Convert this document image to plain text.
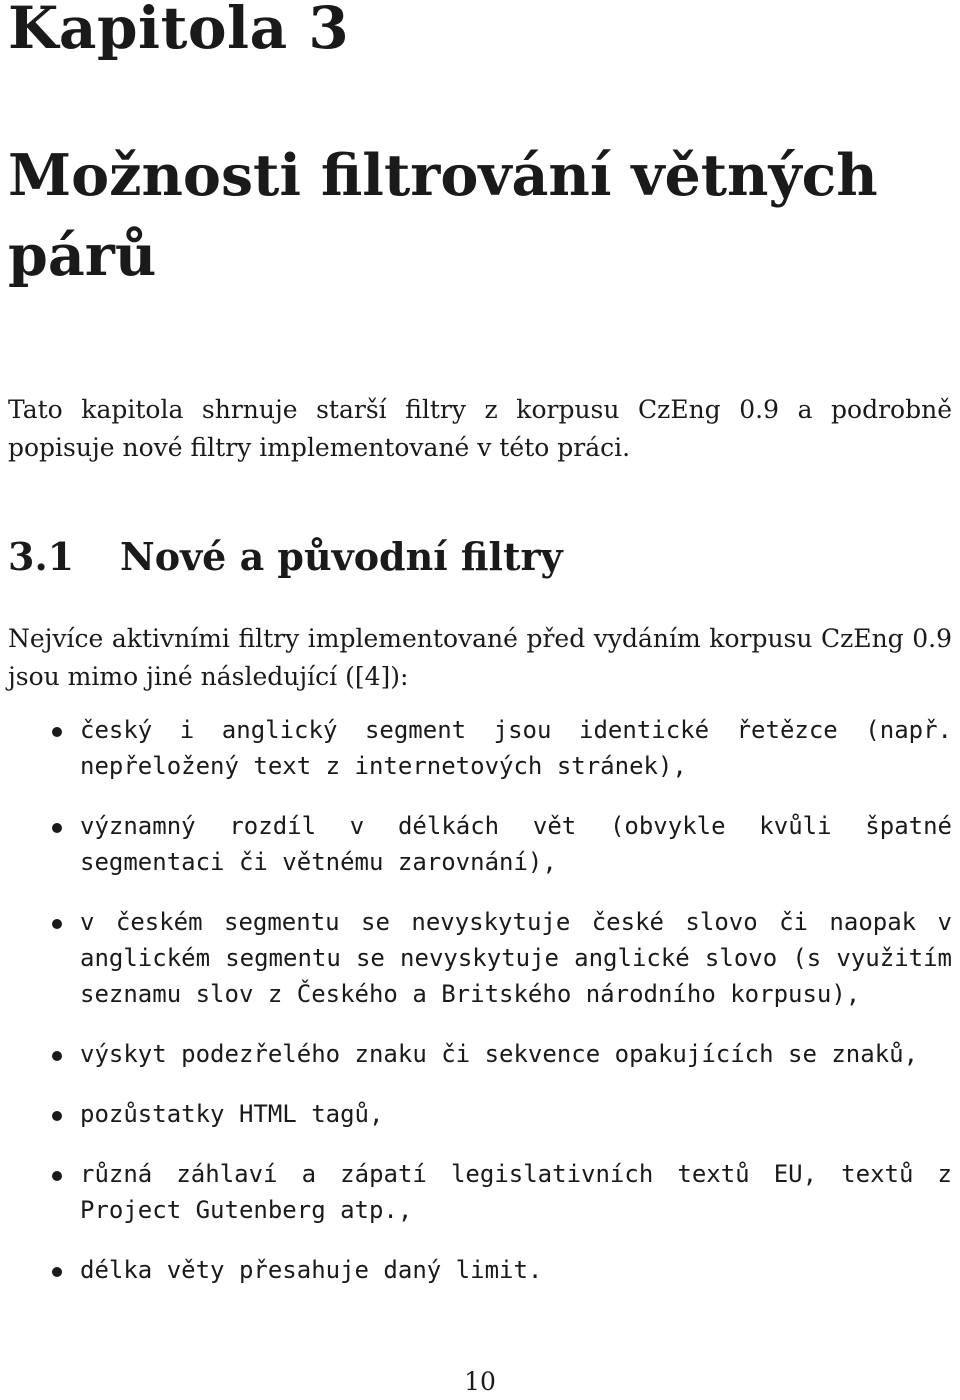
Kapitola 3
Možnosti filtrování větných párů

Tato kapitola shrnuje starší filtry z korpusu CzEng 0.9 a podrobně popisuje nové filtry implementované v této práci.

3.1 Nové a původní filtry

Nejvíce aktivními filtry implementované před vydáním korpusu CzEng 0.9 jsou mimo jiné následující ([4]):

český i anglický segment jsou identické řetězce (např. nepřeložený text z internetových stránek),
významný rozdíl v délkách vět (obvykle kvůli špatné segmentaci či větnému zarovnání),
v českém segmentu se nevyskytuje české slovo či naopak v anglickém segmentu se nevyskytuje anglické slovo (s využitím seznamu slov z Českého a Britského národního korpusu),
výskyt podezřelého znaku či sekvence opakujících se znaků,
pozůstatky HTML tagů,
různá záhlaví a zápatí legislativních textů EU, textů z Project Gutenberg atp.,
délka věty přesahuje daný limit.

10
